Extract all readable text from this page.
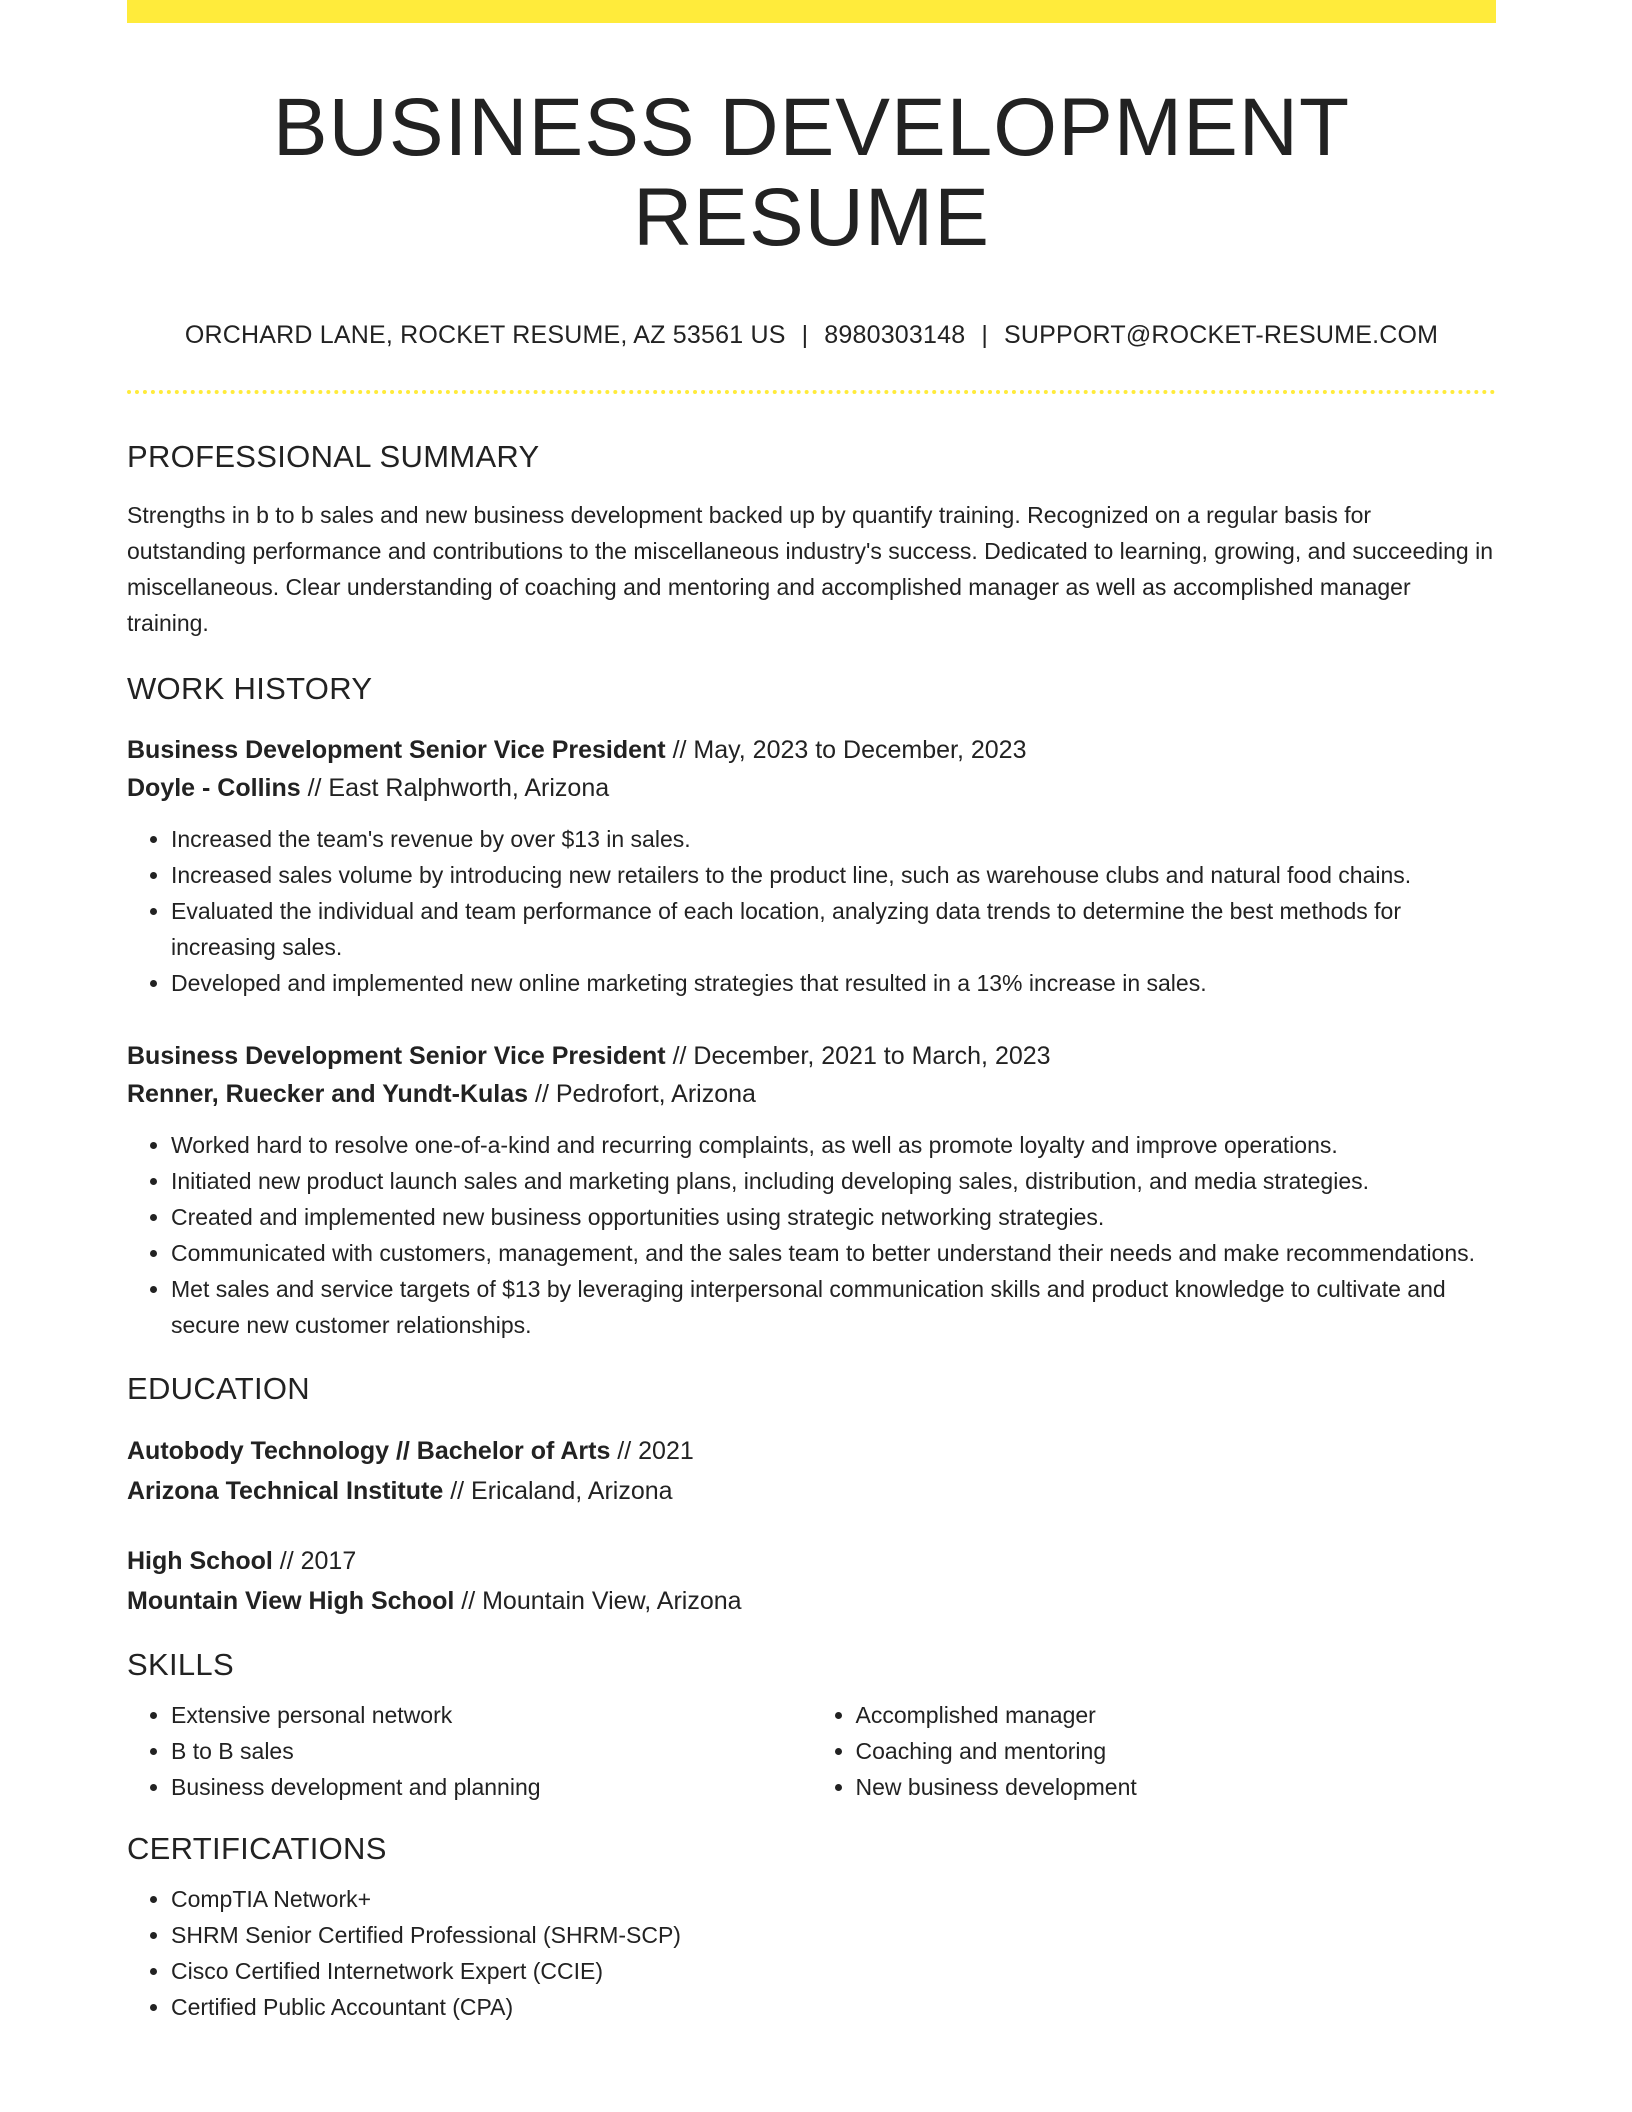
BUSINESS DEVELOPMENT RESUME
ORCHARD LANE, ROCKET RESUME, AZ 53561 US | 8980303148 | SUPPORT@ROCKET-RESUME.COM
PROFESSIONAL SUMMARY
Strengths in b to b sales and new business development backed up by quantify training. Recognized on a regular basis for outstanding performance and contributions to the miscellaneous industry's success. Dedicated to learning, growing, and succeeding in miscellaneous. Clear understanding of coaching and mentoring and accomplished manager as well as accomplished manager training.
WORK HISTORY
Business Development Senior Vice President // May, 2023 to December, 2023
Doyle - Collins // East Ralphworth, Arizona
• Increased the team's revenue by over $13 in sales.
• Increased sales volume by introducing new retailers to the product line, such as warehouse clubs and natural food chains.
• Evaluated the individual and team performance of each location, analyzing data trends to determine the best methods for increasing sales.
• Developed and implemented new online marketing strategies that resulted in a 13% increase in sales.
Business Development Senior Vice President // December, 2021 to March, 2023
Renner, Ruecker and Yundt-Kulas // Pedrofort, Arizona
• Worked hard to resolve one-of-a-kind and recurring complaints, as well as promote loyalty and improve operations.
• Initiated new product launch sales and marketing plans, including developing sales, distribution, and media strategies.
• Created and implemented new business opportunities using strategic networking strategies.
• Communicated with customers, management, and the sales team to better understand their needs and make recommendations.
• Met sales and service targets of $13 by leveraging interpersonal communication skills and product knowledge to cultivate and secure new customer relationships.
EDUCATION
Autobody Technology // Bachelor of Arts // 2021
Arizona Technical Institute // Ericaland, Arizona
High School // 2017
Mountain View High School // Mountain View, Arizona
SKILLS
• Extensive personal network
• B to B sales
• Business development and planning
• Accomplished manager
• Coaching and mentoring
• New business development
CERTIFICATIONS
• CompTIA Network+
• SHRM Senior Certified Professional (SHRM-SCP)
• Cisco Certified Internetwork Expert (CCIE)
• Certified Public Accountant (CPA)
